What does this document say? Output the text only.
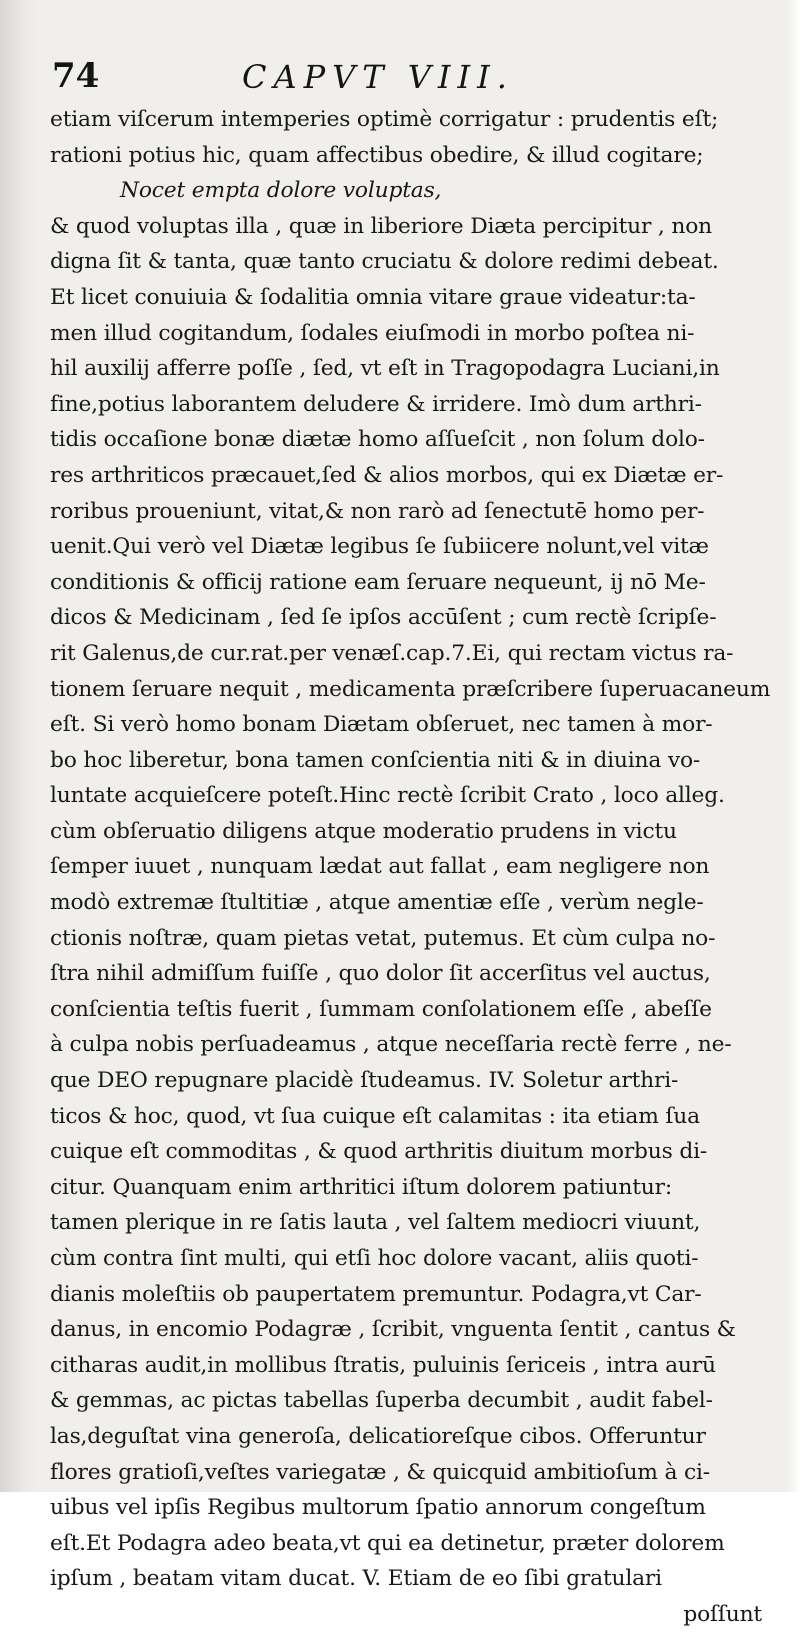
74	CAPVT VIII.
etiam viſcerum intemperies optimè corrigatur : prudentis eſt;
rationi potius hic, quam affectibus obedire, & illud cogitare;
Nocet empta dolore voluptas,
& quod voluptas illa , quæ in liberiore Diæta percipitur , non
digna ſit & tanta, quæ tanto cruciatu & dolore redimi debeat.
Et licet conuiuia & ſodalitia omnia vitare graue videatur:ta-
men illud cogitandum, ſodales eiuſmodi in morbo poſtea ni-
hil auxilij afferre poſſe , ſed, vt eſt in Tragopodagra Luciani,in
fine,potius laborantem deludere & irridere. Imò dum arthri-
tidis occaſione bonæ diætæ homo aſſueſcit , non ſolum dolo-
res arthriticos præcauet,ſed & alios morbos, qui ex Diætæ er-
roribus proueniunt, vitat,& non rarò ad ſenectutē homo per-
uenit.Qui verò vel Diætæ legibus ſe ſubiicere nolunt,vel vitæ
conditionis & officij ratione eam ſeruare nequeunt, ij nō Me-
dicos & Medicinam , ſed ſe ipſos accūſent ; cum rectè ſcripſe-
rit Galenus,de cur.rat.per venæſ.cap.7.Ei, qui rectam victus ra-
tionem ſeruare nequit , medicamenta præſcribere ſuperuacaneum
eſt. Si verò homo bonam Diætam obſeruet, nec tamen à mor-
bo hoc liberetur, bona tamen conſcientia niti & in diuina vo-
luntate acquieſcere poteſt.Hinc rectè ſcribit Crato , loco alleg.
cùm obſeruatio diligens atque moderatio prudens in victu
ſemper iuuet , nunquam lædat aut fallat , eam negligere non
modò extremæ ſtultitiæ , atque amentiæ eſſe , verùm negle-
ctionis noſtræ, quam pietas vetat, putemus. Et cùm culpa no-
ſtra nihil admiſſum fuiſſe , quo dolor ſit accerſitus vel auctus,
conſcientia teſtis fuerit , ſummam conſolationem eſſe , abeſſe
à culpa nobis perſuadeamus , atque neceſſaria rectè ferre , ne-
que DEO repugnare placidè ſtudeamus. IV. Soletur arthri-
ticos & hoc, quod, vt ſua cuique eſt calamitas : ita etiam ſua
cuique eſt commoditas , & quod arthritis diuitum morbus di-
citur. Quanquam enim arthritici iſtum dolorem patiuntur:
tamen plerique in re ſatis lauta , vel ſaltem mediocri viuunt,
cùm contra ſint multi, qui etſi hoc dolore vacant, aliis quoti-
dianis moleſtiis ob paupertatem premuntur. Podagra,vt Car-
danus, in encomio Podagræ , ſcribit, vnguenta ſentit , cantus &
citharas audit,in mollibus ſtratis, puluinis ſericeis , intra aurū
& gemmas, ac pictas tabellas ſuperba decumbit , audit fabel-
las,deguſtat vina generoſa, delicatioreſque cibos. Offeruntur
flores gratioſi,veſtes variegatæ , & quicquid ambitioſum à ci-
uibus vel ipſis Regibus multorum ſpatio annorum congeſtum
eſt.Et Podagra adeo beata,vt qui ea detinetur, præter dolorem
ipſum , beatam vitam ducat. V. Etiam de eo ſibi gratulari
poſſunt
